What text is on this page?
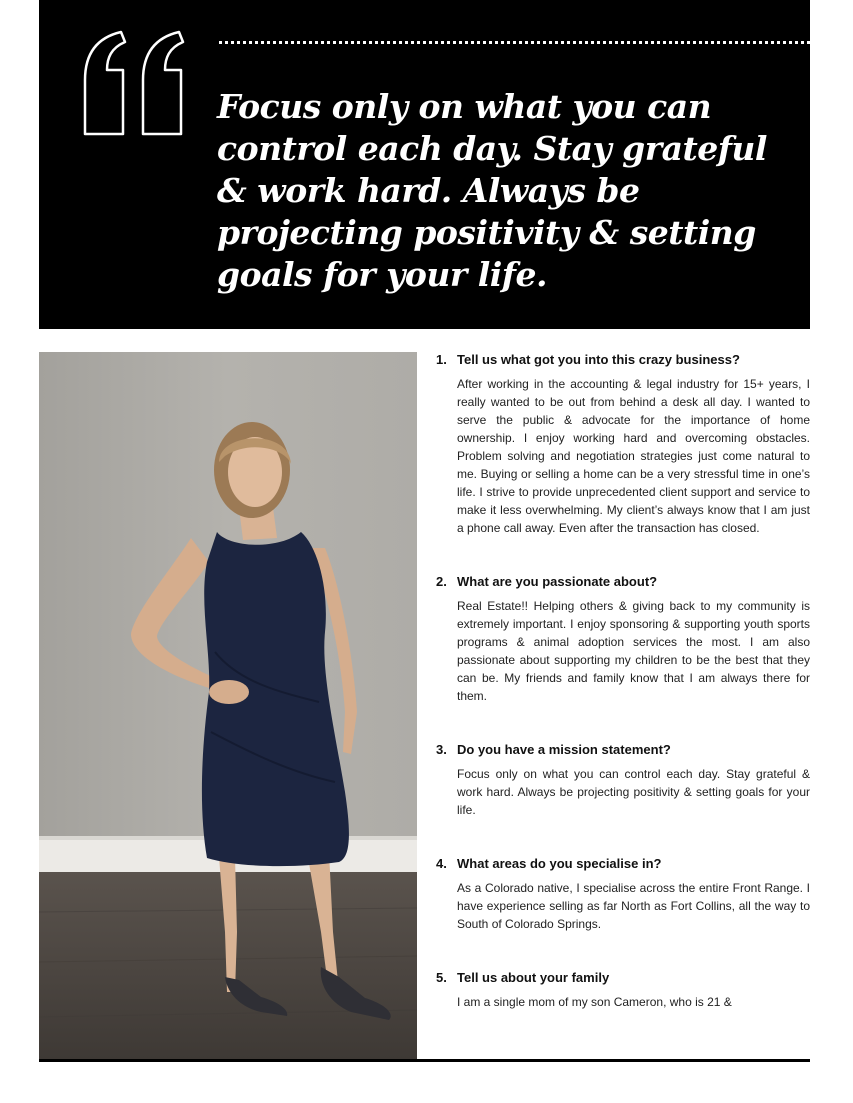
Focus only on what you can control each day. Stay grateful & work hard. Always be projecting positivity & setting goals for your life.

1. Tell us what got you into this crazy business?

After working in the accounting & legal industry for 15+ years, I really wanted to be out from behind a desk all day. I wanted to serve the public & advocate for the importance of home ownership. I enjoy working hard and overcoming obstacles. Problem solving and negotiation strategies just come natural to me. Buying or selling a home can be a very stressful time in one’s life. I strive to provide unprecedented client support and service to make it less overwhelming. My client’s always know that I am just a phone call away. Even after the transaction has closed.

2. What are you passionate about?

Real Estate!! Helping others & giving back to my community is extremely important. I enjoy sponsoring & supporting youth sports programs & animal adoption services the most. I am also passionate about supporting my children to be the best that they can be. My friends and family know that I am always there for them.

3. Do you have a mission statement?

Focus only on what you can control each day. Stay grateful & work hard. Always be projecting positivity & setting goals for your life.

4. What areas do you specialise in?

As a Colorado native, I specialise across the entire Front Range. I have experience selling as far North as Fort Collins, all the way to South of Colorado Springs.

5. Tell us about your family

I am a single mom of my son Cameron, who is 21 &
